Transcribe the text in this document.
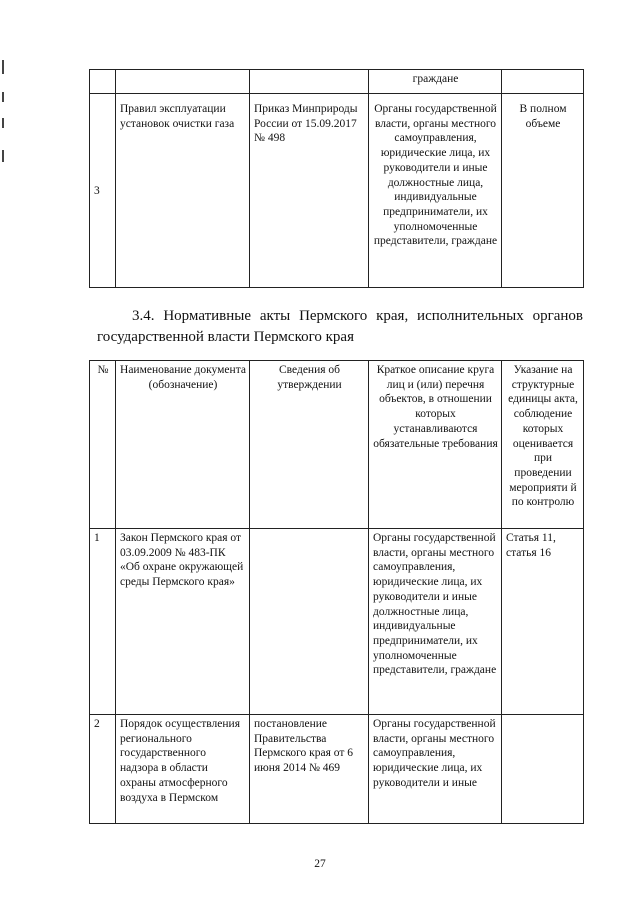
			граждане	
3	Правил эксплуатации установок очистки газа	Приказ Минприроды России от 15.09.2017 № 498	Органы государственной власти, органы местного самоуправления, юридические лица, их руководители и иные должностные лица, индивидуальные предприниматели, их уполномоченные представители, граждане	В полном объеме
3.4. Нормативные акты Пермского края, исполнительных органов
государственной власти Пермского края
№	Наименование документа (обозначение)	Сведения об утверждении	Краткое описание круга лиц и (или) перечня объектов, в отношении которых устанавливаются обязательные требования	Указание на структурные единицы акта, соблюдение которых оценивается при проведении мероприяти й по контролю
1	Закон Пермского края от 03.09.2009 № 483-ПК «Об охране окружающей среды Пермского края»		Органы государственной власти, органы местного самоуправления, юридические лица, их руководители и иные должностные лица, индивидуальные предприниматели, их уполномоченные представители, граждане	Статья 11, статья 16
2	Порядок осуществления регионального государственного надзора в области охраны атмосферного воздуха в Пермском	постановление Правительства Пермского края от 6 июня 2014 № 469	Органы государственной власти, органы местного самоуправления, юридические лица, их руководители и иные	
27
